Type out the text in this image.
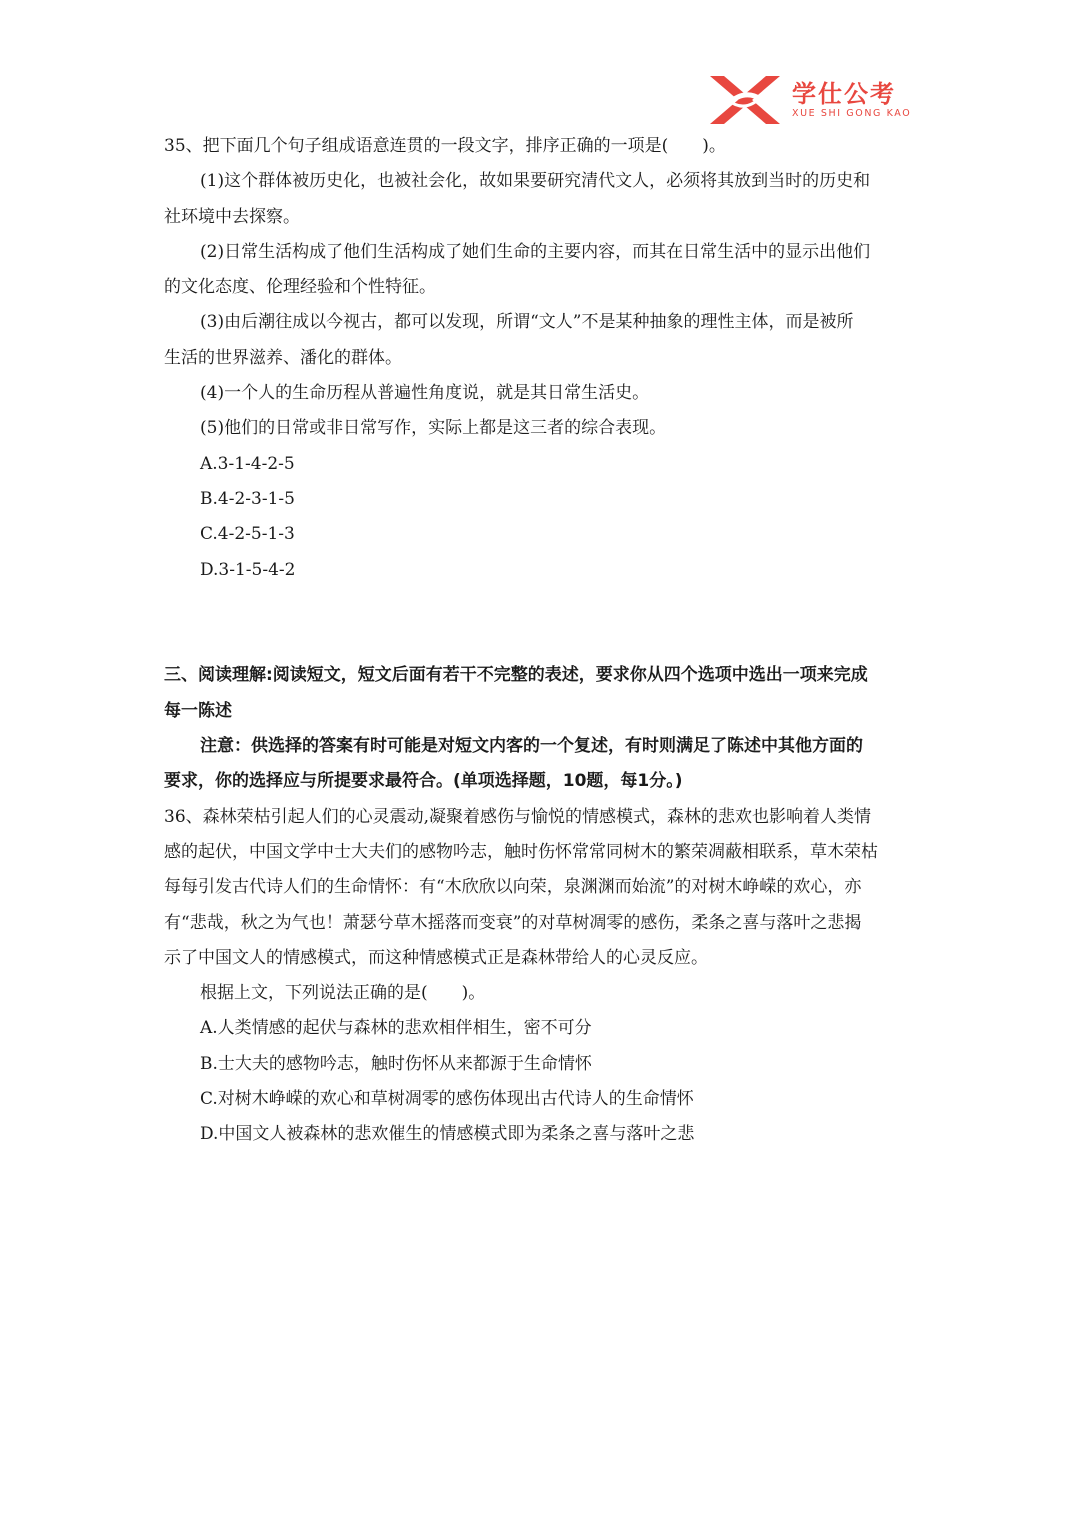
学仕公考
XUE SHI GONG KAO
35、把下面几个句子组成语意连贯的一段文字，排序正确的一项是(　　)。
(1)这个群体被历史化，也被社会化，故如果要研究清代文人，必须将其放到当时的历史和
社环境中去探察。
(2)日常生活构成了他们生活构成了她们生命的主要内容，而其在日常生活中的显示出他们
的文化态度、伦理经验和个性特征。
(3)由后潮往成以今视古，都可以发现，所谓“文人”不是某种抽象的理性主体，而是被所
生活的世界滋养、潘化的群体。
(4)一个人的生命历程从普遍性角度说，就是其日常生活史。
(5)他们的日常或非日常写作，实际上都是这三者的综合表现。
A.3-1-4-2-5
B.4-2-3-1-5
C.4-2-5-1-3
D.3-1-5-4-2
三、阅读理解:阅读短文，短文后面有若干不完整的表述，要求你从四个选项中选出一项来完成
每一陈述
注意：供选择的答案有时可能是对短文内客的一个复述，有时则满足了陈述中其他方面的
要求，你的选择应与所提要求最符合。(单项选择题，10题，每1分。)
36、森林荣枯引起人们的心灵震动,凝聚着感伤与愉悦的情感模式，森林的悲欢也影响着人类情
感的起伏，中国文学中士大夫们的感物吟志，触时伤怀常常同树木的繁荣凋蔽相联系，草木荣枯
每每引发古代诗人们的生命情怀：有“木欣欣以向荣，泉渊渊而始流”的对树木峥嵘的欢心，亦
有“悲哉，秋之为气也！萧瑟兮草木摇落而变衰”的对草树凋零的感伤，柔条之喜与落叶之悲揭
示了中国文人的情感模式，而这种情感模式正是森林带给人的心灵反应。
根据上文，下列说法正确的是(　　)。
A.人类情感的起伏与森林的悲欢相伴相生，密不可分
B.士大夫的感物吟志，触时伤怀从来都源于生命情怀
C.对树木峥嵘的欢心和草树凋零的感伤体现出古代诗人的生命情怀
D.中国文人被森林的悲欢催生的情感模式即为柔条之喜与落叶之悲
